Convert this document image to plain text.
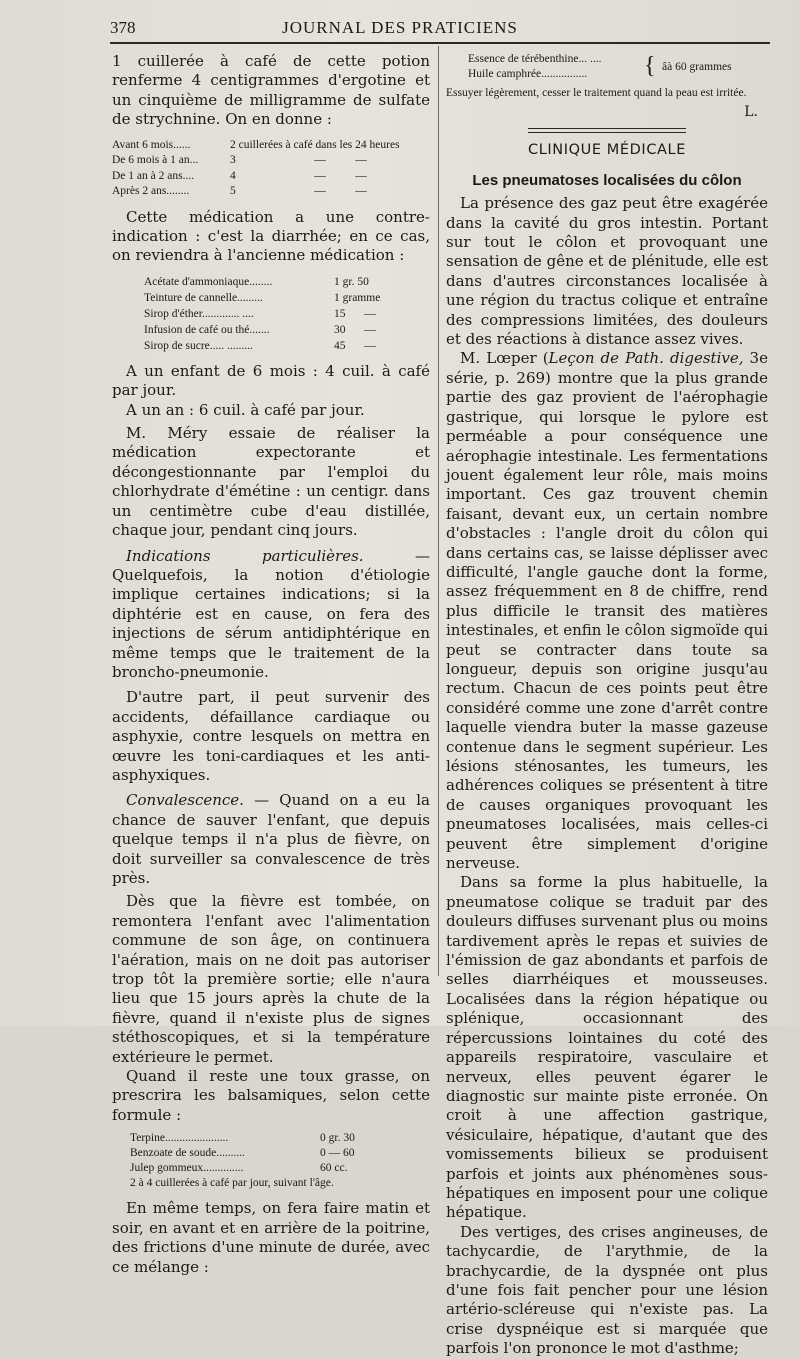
378	JOURNAL DES PRATICIENS

1 cuillerée à café de cette potion renferme 4 centigrammes d'ergotine et un cinquième de milligramme de sulfate de strychnine. On en donne :

Avant 6 mois......	2 cuillerées à café dans les 24 heures
De 6 mois à 1 an...	3	—	—
De 1 an à 2 ans....	4	—	—
Après 2 ans........	5	—	—

Cette médication a une contre-indication : c'est la diarrhée; en ce cas, on reviendra à l'ancienne médication :

Acétate d'ammoniaque........	1 gr. 50
Teinture de cannelle.........	1 gramme
Sirop d'éther............. ....	15	—
Infusion de café ou thé.......	30	—
Sirop de sucre..... .........	45	—

A un enfant de 6 mois : 4 cuil. à café par jour.

A un an : 6 cuil. à café par jour.

M. Méry essaie de réaliser la médication expectorante et décongestionnante par l'emploi du chlorhydrate d'émétine : un centigr. dans un centimètre cube d'eau distillée, chaque jour, pendant cinq jours.

Indications particulières. — Quelquefois, la notion d'étiologie implique certaines indications; si la diphtérie est en cause, on fera des injections de sérum antidiphtérique en même temps que le traitement de la broncho-pneumonie.

D'autre part, il peut survenir des accidents, défaillance cardiaque ou asphyxie, contre lesquels on mettra en œuvre les toni-cardiaques et les anti-asphyxiques.

Convalescence. — Quand on a eu la chance de sauver l'enfant, que depuis quelque temps il n'a plus de fièvre, on doit surveiller sa convalescence de très près.

Dès que la fièvre est tombée, on remontera l'enfant avec l'alimentation commune de son âge, on continuera l'aération, mais on ne doit pas autoriser trop tôt la première sortie; elle n'aura lieu que 15 jours après la chute de la fièvre, quand il n'existe plus de signes stéthoscopiques, et si la température extérieure le permet.

Quand il reste une toux grasse, on prescrira les balsamiques, selon cette formule :

Terpine......................	0 gr. 30
Benzoate de soude..........	0 — 60
Julep gommeux..............	60 cc.
2 à 4 cuillerées à café par jour, suivant l'âge.

En même temps, on fera faire matin et soir, en avant et en arrière de la poitrine, des frictions d'une minute de durée, avec ce mélange :

Essence de térébenthine... ....
Huile camphrée................	{ âà 60 grammes

Essuyer légèrement, cesser le traitement quand la peau est irritée.

L.
CLINIQUE MÉDICALE
Les pneumatoses localisées du côlon

La présence des gaz peut être exagérée dans la cavité du gros intestin. Portant sur tout le côlon et provoquant une sensation de gêne et de plénitude, elle est dans d'autres circonstances localisée à une région du tractus colique et entraîne des compressions limitées, des douleurs et des réactions à distance assez vives.

M. Lœper (Leçon de Path. digestive, 3e série, p. 269) montre que la plus grande partie des gaz provient de l'aérophagie gastrique, qui lorsque le pylore est perméable a pour conséquence une aérophagie intestinale. Les fermentations jouent également leur rôle, mais moins important. Ces gaz trouvent chemin faisant, devant eux, un certain nombre d'obstacles : l'angle droit du côlon qui dans certains cas, se laisse déplisser avec difficulté, l'angle gauche dont la forme, assez fréquemment en 8 de chiffre, rend plus difficile le transit des matières intestinales, et enfin le côlon sigmoïde qui peut se contracter dans toute sa longueur, depuis son origine jusqu'au rectum. Chacun de ces points peut être considéré comme une zone d'arrêt contre laquelle viendra buter la masse gazeuse contenue dans le segment supérieur. Les lésions sténosantes, les tumeurs, les adhérences coliques se présentent à titre de causes organiques provoquant les pneumatoses localisées, mais celles-ci peuvent être simplement d'origine nerveuse.

Dans sa forme la plus habituelle, la pneumatose colique se traduit par des douleurs diffuses survenant plus ou moins tardivement après le repas et suivies de l'émission de gaz abondants et parfois de selles diarrhéiques et mousseuses. Localisées dans la région hépatique ou splénique, occasionnant des répercussions lointaines du coté des appareils respiratoire, vasculaire et nerveux, elles peuvent égarer le diagnostic sur mainte piste erronée. On croit à une affection gastrique, vésiculaire, hépatique, d'autant que des vomissements bilieux se produisent parfois et joints aux phénomènes sous-hépatiques en imposent pour une colique hépatique.

Des vertiges, des crises angineuses, de tachycardie, de l'arythmie, de la brachycardie, de la dyspnée ont plus d'une fois fait pencher pour une lésion artério-scléreuse qui n'existe pas. La crise dyspnéique est si marquée que parfois l'on prononce le mot d'asthme;
